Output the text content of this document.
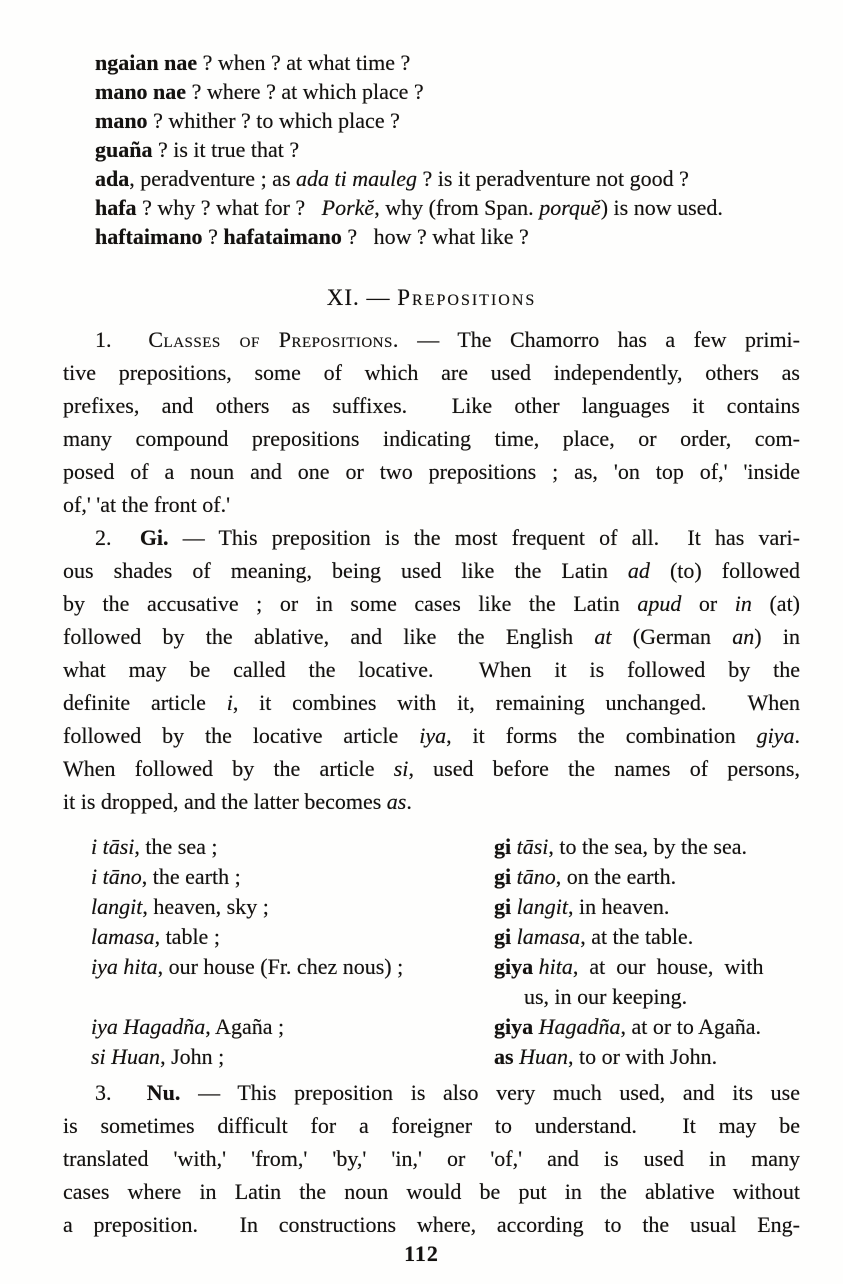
ngaian nae ? when ? at what time ?
mano nae ? where ? at which place ?
mano ? whither ? to which place ?
guaña ? is it true that ?
ada, peradventure ; as ada ti mauleg ? is it peradventure not good ?
hafa ? why ? what for ?   Porkĕ, why (from Span. porquĕ) is now used.
haftaimano ? hafataimano ?   how ? what like ?
XI. — Prepositions
1.  Classes of Prepositions. — The Chamorro has a few primi-
tive prepositions, some of which are used independently, others as
prefixes, and others as suffixes.  Like other languages it contains
many compound prepositions indicating time, place, or order, com-
posed of a noun and one or two prepositions ; as, 'on top of,' 'inside
of,' 'at the front of.'
2.  Gi. — This preposition is the most frequent of all.  It has vari-
ous shades of meaning, being used like the Latin ad (to) followed
by the accusative ; or in some cases like the Latin apud or in (at)
followed by the ablative, and like the English at (German an) in
what may be called the locative.  When it is followed by the
definite article i, it combines with it, remaining unchanged.  When
followed by the locative article iya, it forms the combination giya.
When followed by the article si, used before the names of persons,
it is dropped, and the latter becomes as.
i tāsi, the sea ;
i tāno, the earth ;
langit, heaven, sky ;
lamasa, table ;
iya hita, our house (Fr. chez nous) ;

iya Hagadña, Agaña ;
si Huan, John ;
gi tāsi, to the sea, by the sea.
gi tāno, on the earth.
gi langit, in heaven.
gi lamasa, at the table.
giya hita,  at  our  house,  with
us, in our keeping.
giya Hagadña, at or to Agaña.
as Huan, to or with John.
3.  Nu. — This preposition is also very much used, and its use
is sometimes difficult for a foreigner to understand.  It may be
translated 'with,' 'from,' 'by,' 'in,' or 'of,' and is used in many
cases where in Latin the noun would be put in the ablative without
a preposition.  In constructions where, according to the usual Eng-
112
